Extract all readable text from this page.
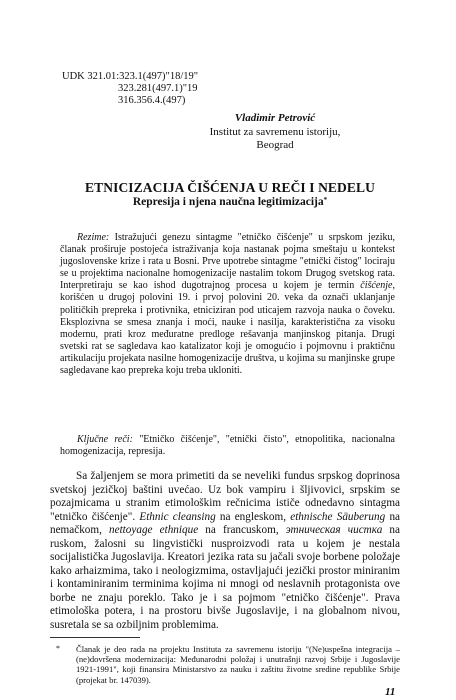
UDK 321.01:323.1(497)"18/19"
323.281(497.1)"19
316.356.4.(497)
Vladimir Petrović
Institut za savremenu istoriju,
Beograd
ETNICIZACIJA ČIŠĆENJA U REČI I NEDELU
Represija i njena naučna legitimizacija*
Rezime: Istražujući genezu sintagme "etničko čišćenje" u srpskom jeziku, članak proširuje postojeća istraživanja koja nastanak pojma smeštaju u kontekst jugoslovenske krize i rata u Bosni. Prve upotrebe sintagme "etnički čistog" lociraju se u projektima nacionalne homogenizacije nastalim tokom Drugog svetskog rata. Interpretiraju se kao ishod dugotrajnog procesa u kojem je termin čišćenje, korišćen u drugoj polovini 19. i prvoj polovini 20. veka da označi uklanjanje političkih prepreka i protivnika, etniciziran pod uticajem razvoja nauka o čoveku. Eksplozivna se smesa znanja i moći, nauke i nasilja, karakteristična za visoku modernu, prati kroz međuratne predloge rešavanja manjinskog pitanja. Drugi svetski rat se sagledava kao katalizator koji je omogućio i pojmovnu i praktičnu artikulaciju projekata nasilne homogenizacije društva, u kojima su manjinske grupe sagledavane kao prepreka koju treba ukloniti.
Ključne reči: "Etničko čišćenje", "etnički čisto", etnopolitika, nacionalna homogenizacija, represija.
Sa žaljenjem se mora primetiti da se neveliki fundus srpskog doprinosa svetskoj jezičkoj baštini uvećao. Uz bok vampiru i šljivovici, srpskim se pozajmicama u stranim etimološkim rečnicima ističe odnedavno sintagma "etničko čišćenje". Ethnic cleansing na engleskom, ethnische Säuberung na nemačkom, nettoyage ethnique na francuskom, этническая чистка na ruskom, žalosni su lingvistički nusproizvodi rata u kojem je nestala socijalistička Jugoslavija. Kreatori jezika rata su jačali svoje borbene položaje kako arhaizmima, tako i neologizmima, ostavljajući jezički prostor miniranim i kontaminiranim terminima kojima ni mnogi od neslavnih protagonista ove borbe ne znaju poreklo. Tako je i sa pojmom "etničko čišćenje". Prava etimološka potera, i na prostoru bivše Jugoslavije, i na globalnom nivou, susretala se sa ozbiljnim problemima.
*	Članak je deo rada na projektu Instituta za savremenu istoriju "(Ne)uspešna integracija – (ne)dovršena modernizacija: Međunarodni položaj i unutrašnji razvoj Srbije i Jugoslavije 1921-1991", koji finansira Ministarstvo za nauku i zaštitu životne sredine republike Srbije (projekat br. 147039).
11
